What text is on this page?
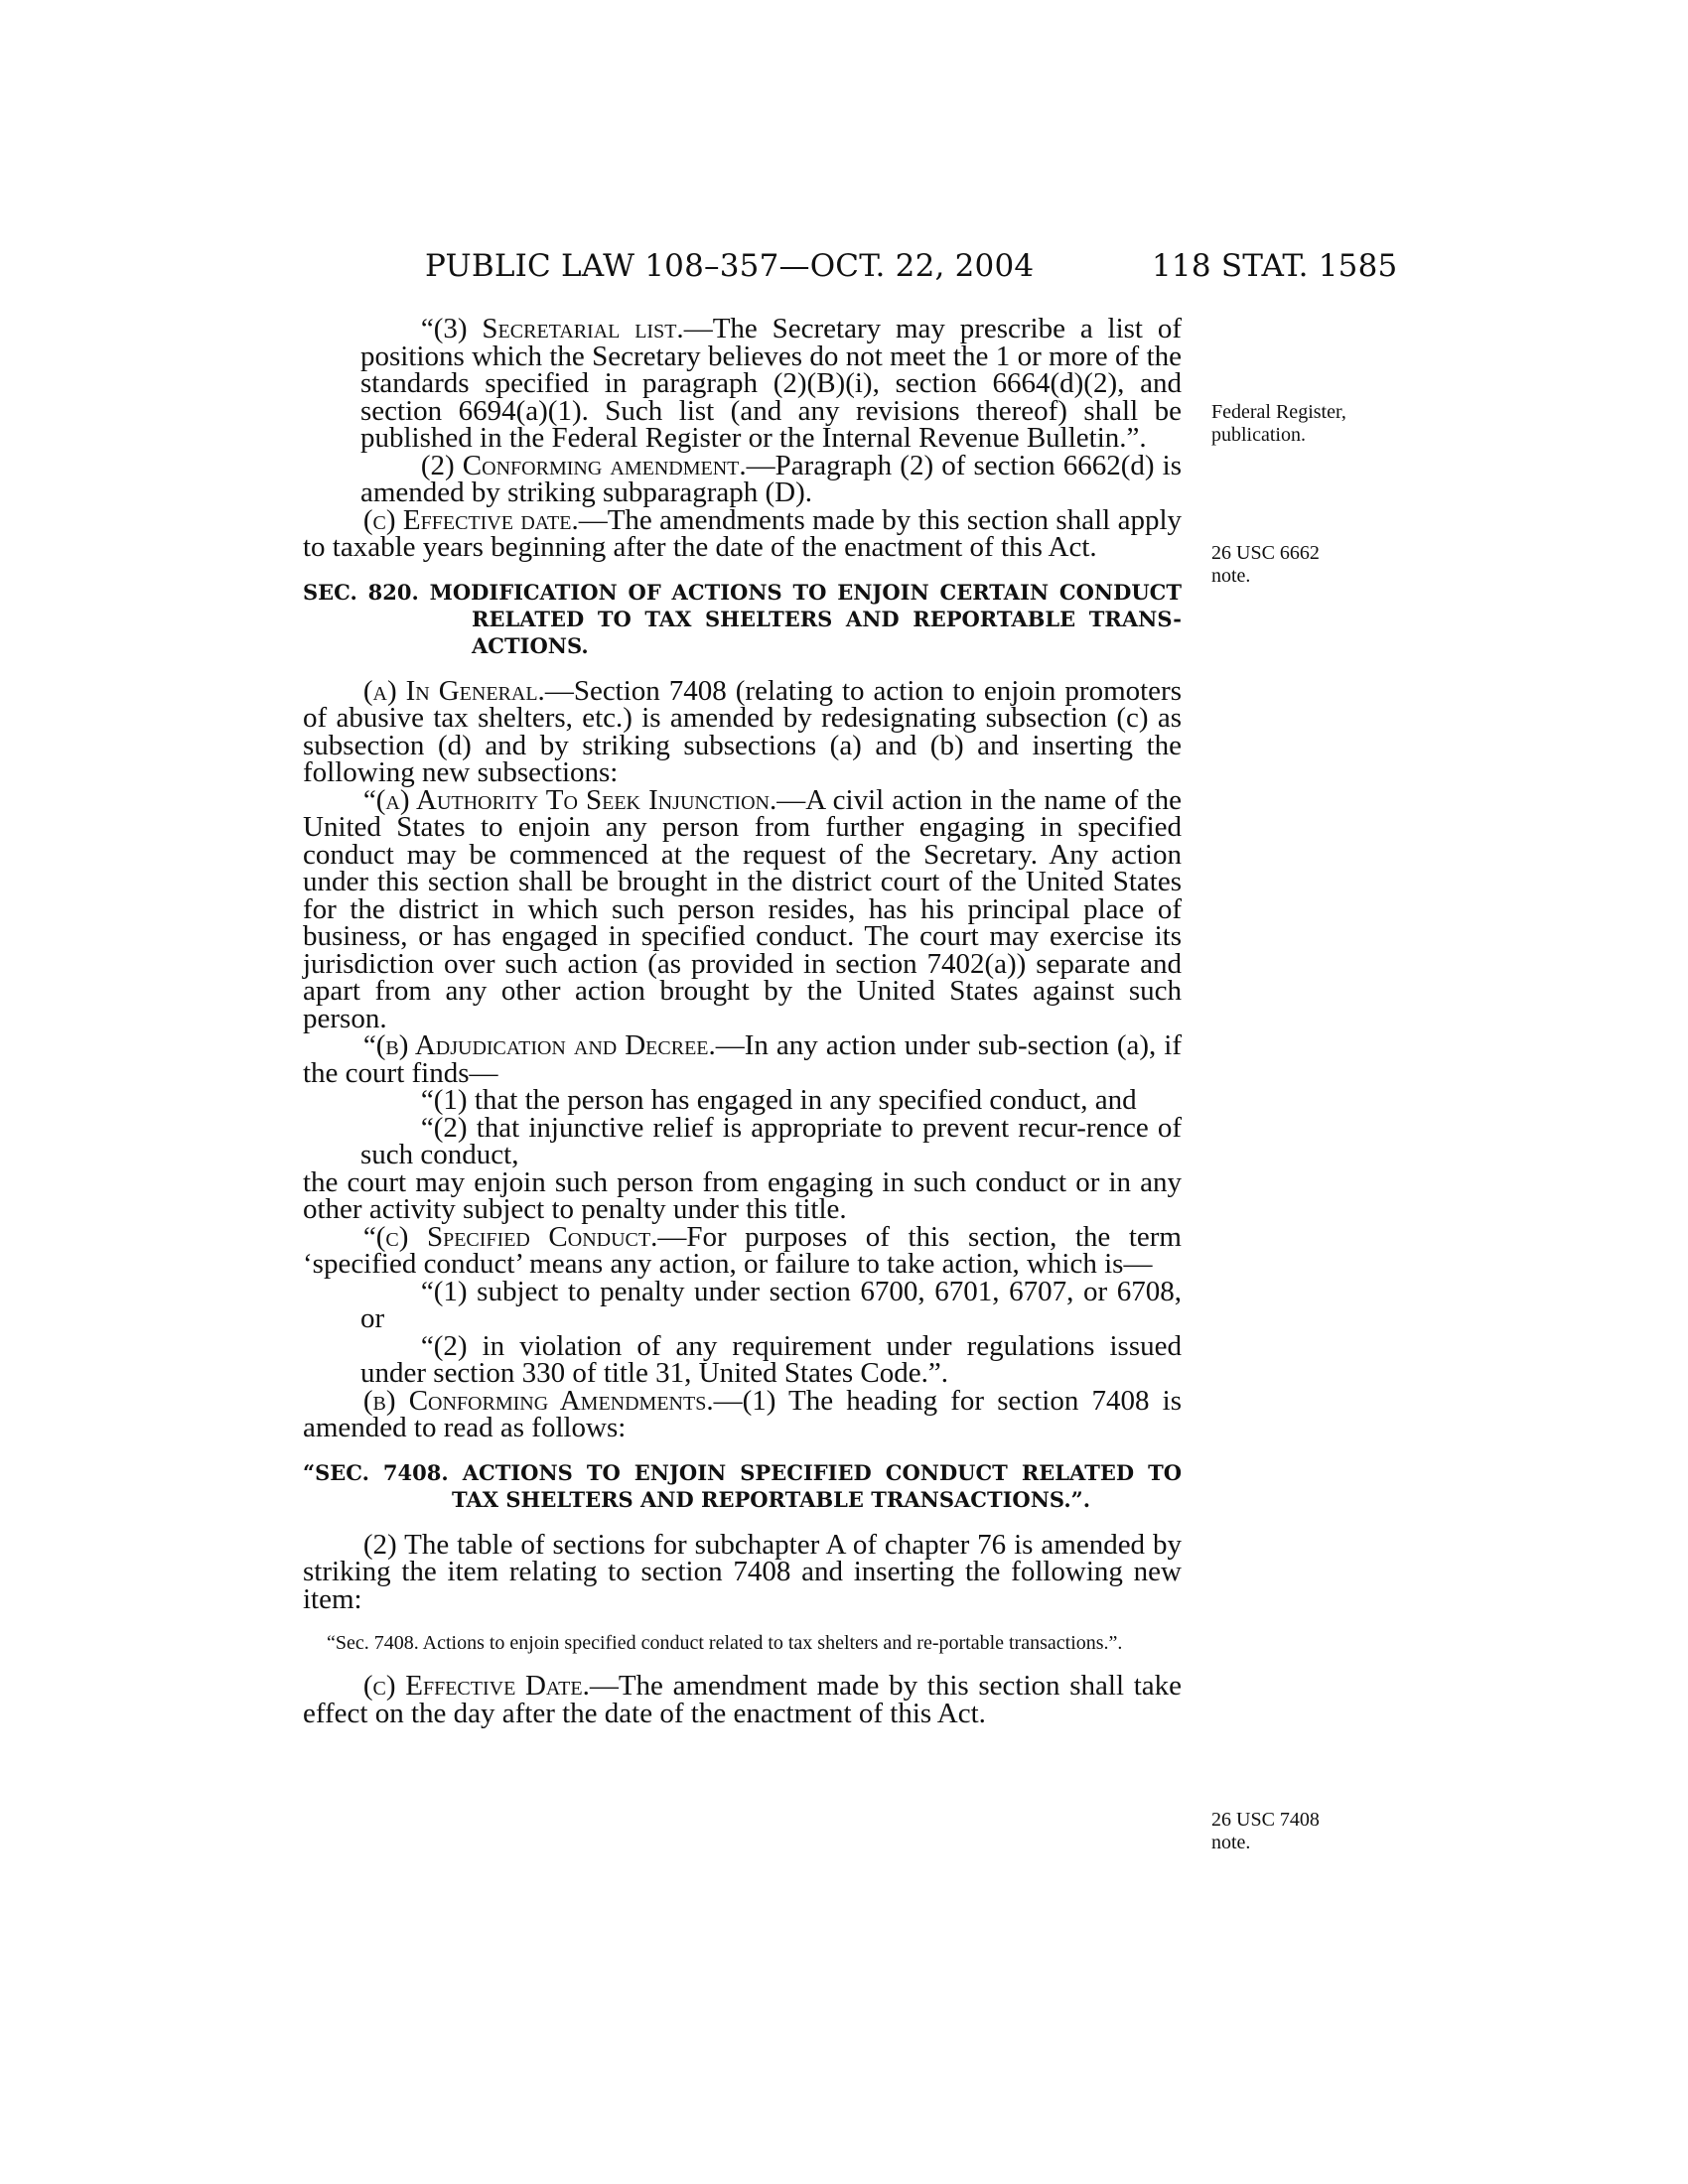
PUBLIC LAW 108–357—OCT. 22, 2004	118 STAT. 1585
Federal Register,
publication.
26 USC 6662
note.
26 USC 7408
note.

“(3) Secretarial list.—The Secretary may prescribe a list of positions which the Secretary believes do not meet the 1 or more of the standards specified in paragraph (2)(B)(i), section 6664(d)(2), and section 6694(a)(1). Such list (and any revisions thereof) shall be published in the Federal Register or the Internal Revenue Bulletin.”.

(2) Conforming amendment.—Paragraph (2) of section 6662(d) is amended by striking subparagraph (D).

(c) Effective date.—The amendments made by this section shall apply to taxable years beginning after the date of the enactment of this Act.

SEC. 820. MODIFICATION OF ACTIONS TO ENJOIN CERTAIN CONDUCT RELATED TO TAX SHELTERS AND REPORTABLE TRANS-ACTIONS.

(a) In General.—Section 7408 (relating to action to enjoin promoters of abusive tax shelters, etc.) is amended by redesignating subsection (c) as subsection (d) and by striking subsections (a) and (b) and inserting the following new subsections:

“(a) Authority To Seek Injunction.—A civil action in the name of the United States to enjoin any person from further engaging in specified conduct may be commenced at the request of the Secretary. Any action under this section shall be brought in the district court of the United States for the district in which such person resides, has his principal place of business, or has engaged in specified conduct. The court may exercise its jurisdiction over such action (as provided in section 7402(a)) separate and apart from any other action brought by the United States against such person.

“(b) Adjudication and Decree.—In any action under sub-section (a), if the court finds—

“(1) that the person has engaged in any specified conduct, and

“(2) that injunctive relief is appropriate to prevent recur-rence of such conduct,

the court may enjoin such person from engaging in such conduct or in any other activity subject to penalty under this title.

“(c) Specified Conduct.—For purposes of this section, the term ‘specified conduct’ means any action, or failure to take action, which is—

“(1) subject to penalty under section 6700, 6701, 6707, or 6708, or

“(2) in violation of any requirement under regulations issued under section 330 of title 31, United States Code.”.

(b) Conforming Amendments.—(1) The heading for section 7408 is amended to read as follows:

“SEC. 7408. ACTIONS TO ENJOIN SPECIFIED CONDUCT RELATED TO TAX SHELTERS AND REPORTABLE TRANSACTIONS.”.

(2) The table of sections for subchapter A of chapter 76 is amended by striking the item relating to section 7408 and inserting the following new item:

“Sec. 7408. Actions to enjoin specified conduct related to tax shelters and re-portable transactions.”.

(c) Effective Date.—The amendment made by this section shall take effect on the day after the date of the enactment of this Act.
